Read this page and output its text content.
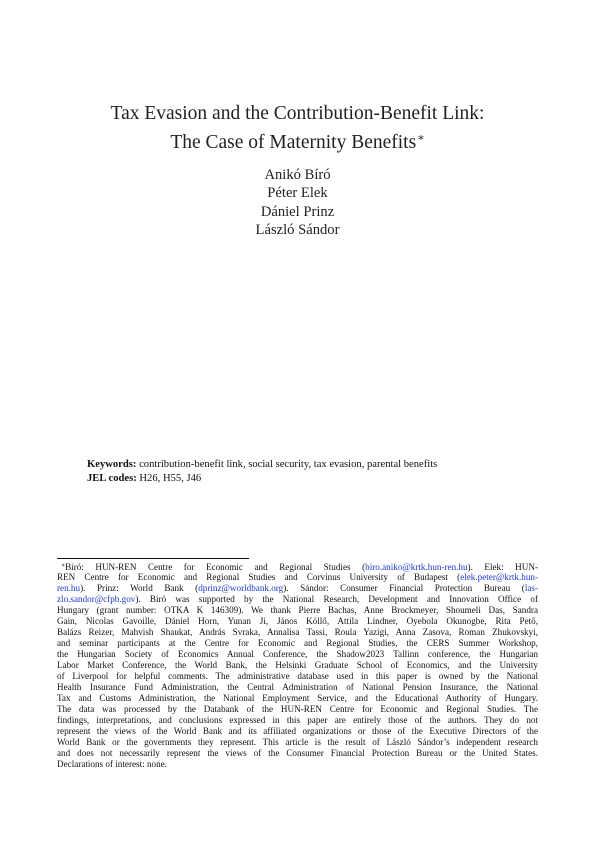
Tax Evasion and the Contribution-Benefit Link:
The Case of Maternity Benefits∗
Anikó Bíró
Péter Elek
Dániel Prinz
László Sándor
Keywords: contribution-benefit link, social security, tax evasion, parental benefits
JEL codes: H26, H55, J46
∗Bíró: HUN-REN Centre for Economic and Regional Studies (biro.aniko@krtk.hun-ren.hu). Elek: HUN-
REN Centre for Economic and Regional Studies and Corvinus University of Budapest (elek.peter@krtk.hun-
ren.hu). Prinz: World Bank (dprinz@worldbank.org). Sándor: Consumer Financial Protection Bureau (las-
zlo.sandor@cfpb.gov). Bíró was supported by the National Research, Development and Innovation Office of
Hungary (grant number: OTKA K 146309). We thank Pierre Bachas, Anne Brockmeyer, Shoumeli Das, Sandra
Gain, Nicolas Gavoille, Dániel Horn, Yunan Ji, János Köllő, Attila Lindner, Oyebola Okunogbe, Rita Pető,
Balázs Reizer, Mahvish Shaukat, András Svraka, Annalisa Tassi, Roula Yazigi, Anna Zasova, Roman Zhukovskyi,
and seminar participants at the Centre for Economic and Regional Studies, the CERS Summer Workshop,
the Hungarian Society of Economics Annual Conference, the Shadow2023 Tallinn conference, the Hungarian
Labor Market Conference, the World Bank, the Helsinki Graduate School of Economics, and the University
of Liverpool for helpful comments. The administrative database used in this paper is owned by the National
Health Insurance Fund Administration, the Central Administration of National Pension Insurance, the National
Tax and Customs Administration, the National Employment Service, and the Educational Authority of Hungary.
The data was processed by the Databank of the HUN-REN Centre for Economic and Regional Studies. The
findings, interpretations, and conclusions expressed in this paper are entirely those of the authors. They do not
represent the views of the World Bank and its affiliated organizations or those of the Executive Directors of the
World Bank or the governments they represent. This article is the result of László Sándor’s independent research
and does not necessarily represent the views of the Consumer Financial Protection Bureau or the United States.
Declarations of interest: none.
